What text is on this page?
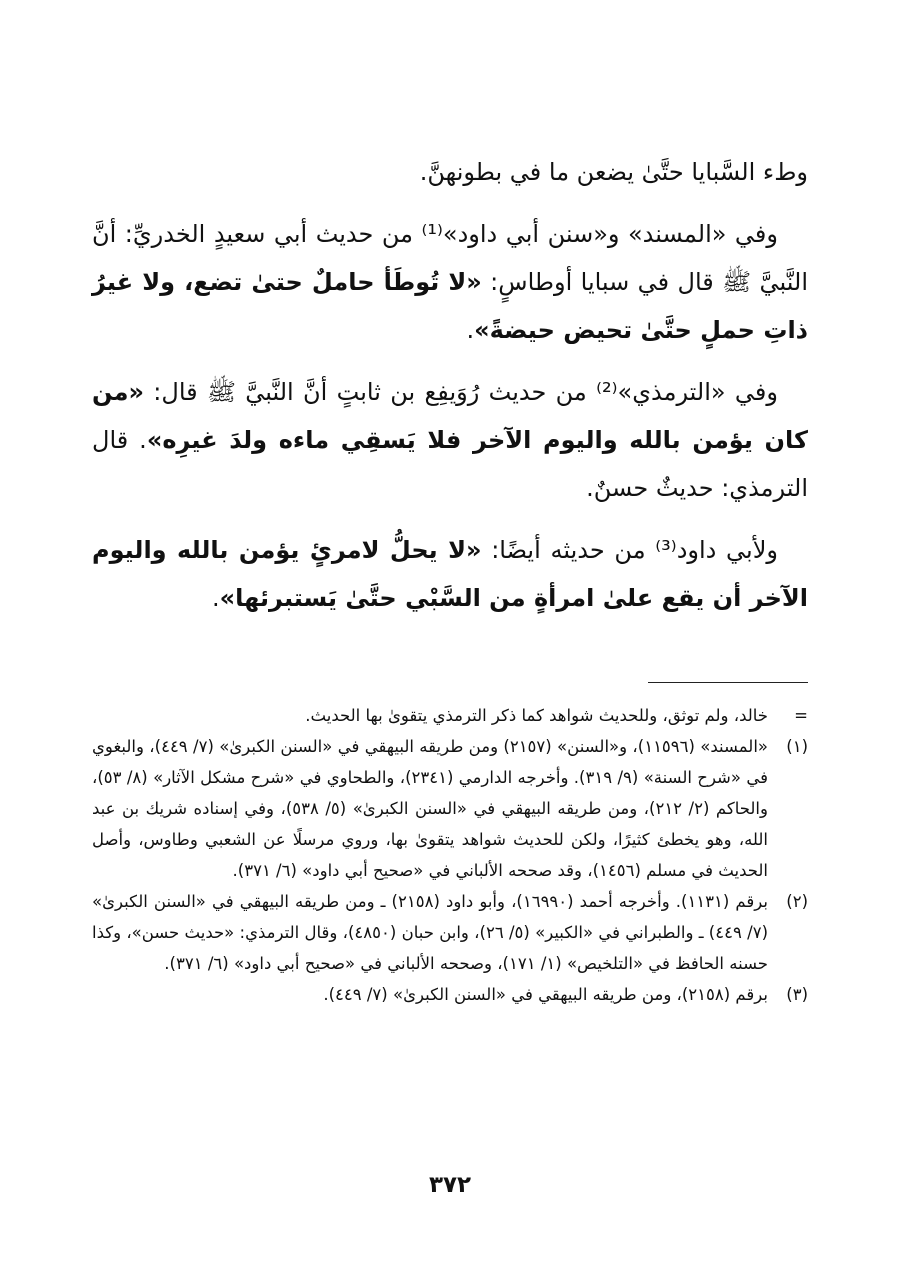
وطء السَّبايا حتَّىٰ يضعن ما في بطونهنَّ.

وفي «المسند» و«سنن أبي داود»⁽¹⁾ من حديث أبي سعيدٍ الخدريِّ: أنَّ النَّبيَّ ﷺ قال في سبايا أوطاسٍ: «لا تُوطَأ حاملٌ حتىٰ تضع، ولا غيرُ ذاتِ حملٍ حتَّىٰ تحيض حيضةً».

وفي «الترمذي»⁽²⁾ من حديث رُوَيفِع بن ثابتٍ أنَّ النَّبيَّ ﷺ قال: «من كان يؤمن بالله واليوم الآخر فلا يَسقِي ماءه ولدَ غيرِه». قال الترمذي: حديثٌ حسنٌ.

ولأبي داود⁽³⁾ من حديثه أيضًا: «لا يحلُّ لامرئٍ يؤمن بالله واليوم الآخر أن يقع علىٰ امرأةٍ من السَّبْي حتَّىٰ يَستبرئها».

=
خالد، ولم توثق، وللحديث شواهد كما ذكر الترمذي يتقوىٰ بها الحديث.

(١)
«المسند» (١١٥٩٦)، و«السنن» (٢١٥٧) ومن طريقه البيهقي في «السنن الكبرىٰ» (٧/ ٤٤٩)، والبغوي في «شرح السنة» (٩/ ٣١٩). وأخرجه الدارمي (٢٣٤١)، والطحاوي في «شرح مشكل الآثار» (٨/ ٥٣)، والحاكم (٢/ ٢١٢)، ومن طريقه البيهقي في «السنن الكبرىٰ» (٥/ ٥٣٨)، وفي إسناده شريك بن عبد الله، وهو يخطئ كثيرًا، ولكن للحديث شواهد يتقوىٰ بها، وروي مرسلًا عن الشعبي وطاوس، وأصل الحديث في مسلم (١٤٥٦)، وقد صححه الألباني في «صحيح أبي داود» (٦/ ٣٧١).

(٢)
برقم (١١٣١). وأخرجه أحمد (١٦٩٩٠)، وأبو داود (٢١٥٨) ـ ومن طريقه البيهقي في «السنن الكبرىٰ» (٧/ ٤٤٩) ـ والطبراني في «الكبير» (٥/ ٢٦)، وابن حبان (٤٨٥٠)، وقال الترمذي: «حديث حسن»، وكذا حسنه الحافظ في «التلخيص» (١/ ١٧١)، وصححه الألباني في «صحيح أبي داود» (٦/ ٣٧١).

(٣)
برقم (٢١٥٨)، ومن طريقه البيهقي في «السنن الكبرىٰ» (٧/ ٤٤٩).

٣٧٢
